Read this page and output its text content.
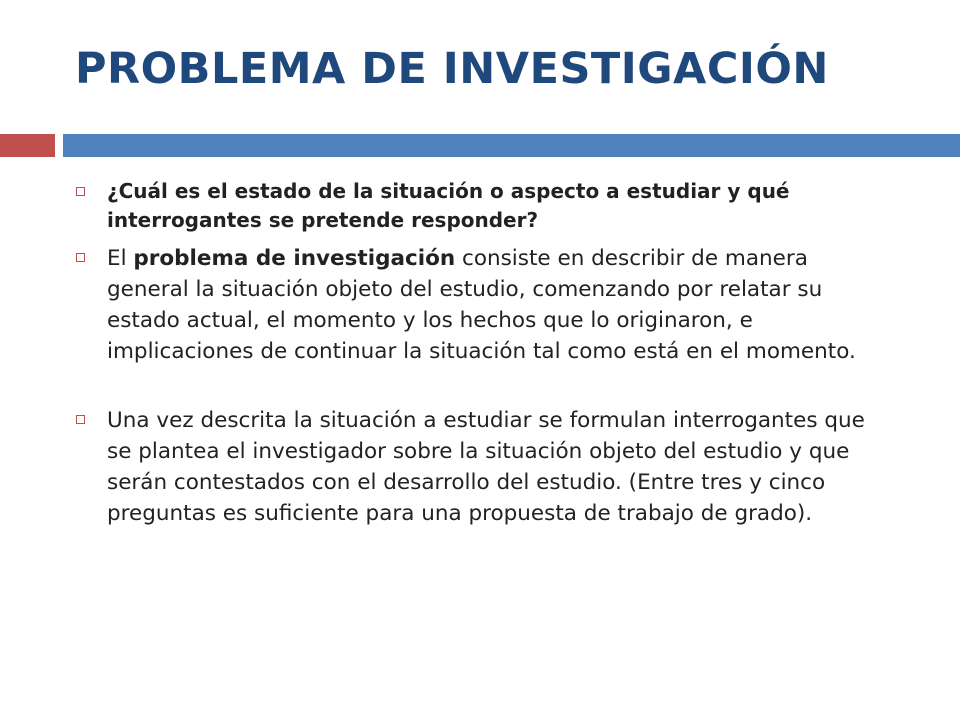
PROBLEMA DE INVESTIGACIÓN
¿Cuál es el estado de la situación o aspecto a estudiar y qué interrogantes se pretende responder?
El problema de investigación consiste en describir de manera general la situación objeto del estudio, comenzando por relatar su estado actual, el momento y los hechos que lo originaron, e implicaciones de continuar la situación tal como está en el momento.
Una vez descrita la situación a estudiar se formulan interrogantes que se plantea el investigador sobre la situación objeto del estudio y que serán contestados con el desarrollo del estudio. (Entre tres y cinco preguntas es suficiente para una propuesta de trabajo de grado).
